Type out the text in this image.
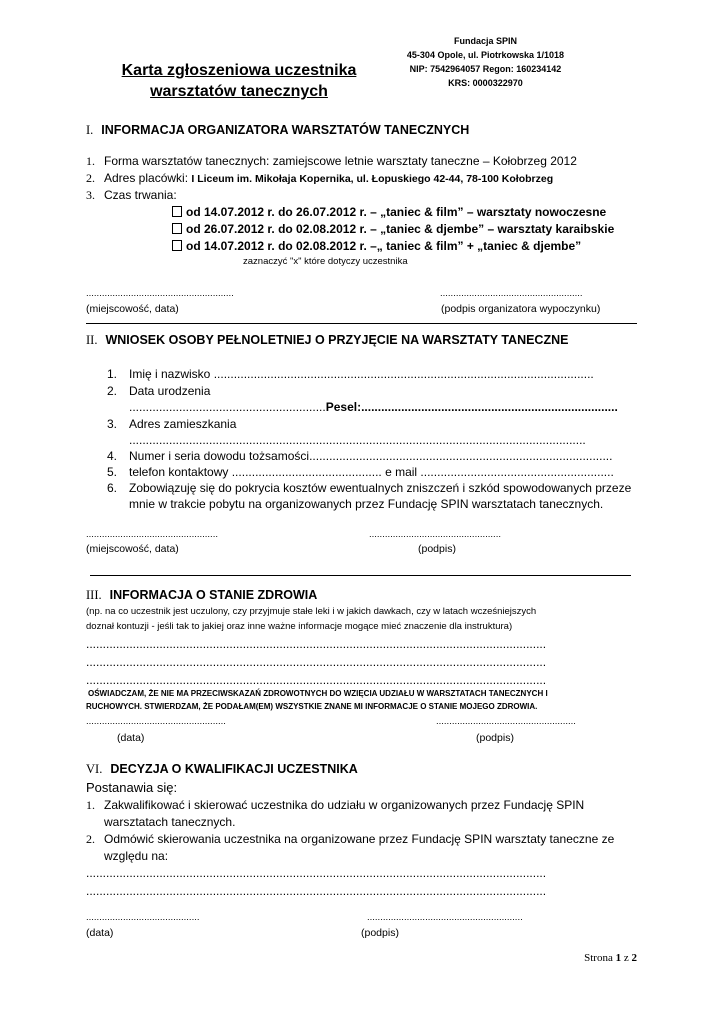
Fundacja SPIN
45-304 Opole, ul. Piotrkowska 1/1018
NIP: 7542964057 Regon: 160234142
KRS: 0000322970
Karta zgłoszeniowa uczestnika
warsztatów tanecznych
I. INFORMACJA ORGANIZATORA WARSZTATÓW TANECZNYCH
1. Forma warsztatów tanecznych: zamiejscowe letnie warsztaty taneczne – Kołobrzeg 2012
2. Adres placówki: I Liceum im. Mikołaja Kopernika, ul. Łopuskiego 42-44, 78-100 Kołobrzeg
3. Czas trwania:
od 14.07.2012 r. do 26.07.2012 r. – „taniec & film” – warsztaty nowoczesne
od 26.07.2012 r. do 02.08.2012 r. – „taniec & djembe” – warsztaty karaibskie
od 14.07.2012 r. do 02.08.2012 r. –„ taniec & film” + „taniec & djembe”
zaznaczyć "x" które dotyczy uczestnika
........................................................	......................................................
(miejscowość, data)	(podpis organizatora wypoczynku)
II. WNIOSEK OSOBY PEŁNOLETNIEJ O PRZYJĘCIE NA WARSZTATY TANECZNE
1. Imię i nazwisko ..................................................................................................................
2. Data urodzenia
...........................................................Pesel:.............................................................................
3. Adres zamieszkania
.........................................................................................................................................
4. Numer i seria dowodu tożsamości...........................................................................................
5. telefon kontaktowy ............................................. e mail ..........................................................
6. Zobowiązuję się do pokrycia kosztów ewentualnych zniszczeń i szkód spowodowanych przeze
mnie w trakcie pobytu na organizowanych przez Fundację SPIN warsztatach tanecznych.
..................................................	..................................................
(miejscowość, data)	(podpis)
III. INFORMACJA O STANIE ZDROWIA
(np. na co uczestnik jest uczulony, czy przyjmuje stałe leki i w jakich dawkach, czy w latach wcześniejszych
doznał kontuzji - jeśli tak to jakiej oraz inne ważne informacje mogące mieć znaczenie dla instruktura)
..........................................................................................................................................
..........................................................................................................................................
..........................................................................................................................................
OŚWIADCZAM, ŻE NIE MA PRZECIWSKAZAŃ ZDROWOTNYCH DO WZIĘCIA UDZIAŁU W WARSZTATACH TANECZNYCH I
RUCHOWYCH. STWIERDZAM, ŻE PODAŁAM(EM) WSZYSTKIE ZNANE MI INFORMACJE O STANIE MOJEGO ZDROWIA.
.....................................................	.....................................................
(data)	(podpis)
VI. DECYZJA O KWALIFIKACJI UCZESTNIKA
Postanawia się:
1. Zakwalifikować i skierować uczestnika do udziału w organizowanych przez Fundację SPIN
warsztatach tanecznych.
2. Odmówić skierowania uczestnika na organizowane przez Fundację SPIN warsztaty taneczne ze
względu na:
..........................................................................................................................................
..........................................................................................................................................
...........................................	...........................................................
(data)	(podpis)
Strona 1 z 2
